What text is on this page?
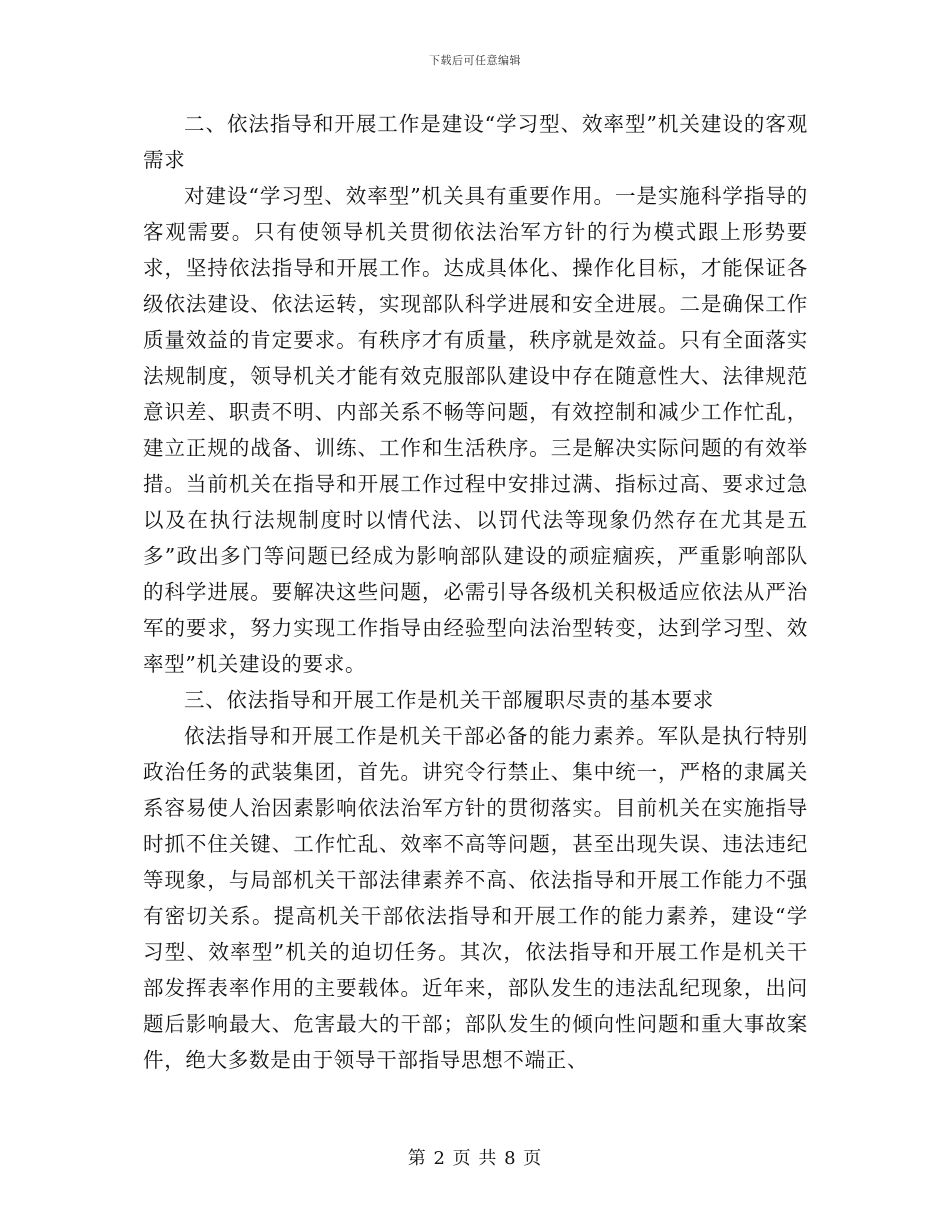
下载后可任意编辑

二、依法指导和开展工作是建设“学习型、效率型”机关建设的客观需求

对建设“学习型、效率型”机关具有重要作用。一是实施科学指导的客观需要。只有使领导机关贯彻依法治军方针的行为模式跟上形势要求，坚持依法指导和开展工作。达成具体化、操作化目标，才能保证各级依法建设、依法运转，实现部队科学进展和安全进展。二是确保工作质量效益的肯定要求。有秩序才有质量，秩序就是效益。只有全面落实法规制度，领导机关才能有效克服部队建设中存在随意性大、法律规范意识差、职责不明、内部关系不畅等问题，有效控制和减少工作忙乱，建立正规的战备、训练、工作和生活秩序。三是解决实际问题的有效举措。当前机关在指导和开展工作过程中安排过满、指标过高、要求过急以及在执行法规制度时以情代法、以罚代法等现象仍然存在尤其是五多”政出多门等问题已经成为影响部队建设的顽症痼疾，严重影响部队的科学进展。要解决这些问题，必需引导各级机关积极适应依法从严治军的要求，努力实现工作指导由经验型向法治型转变，达到学习型、效率型”机关建设的要求。

三、依法指导和开展工作是机关干部履职尽责的基本要求

依法指导和开展工作是机关干部必备的能力素养。军队是执行特别政治任务的武装集团，首先。讲究令行禁止、集中统一，严格的隶属关系容易使人治因素影响依法治军方针的贯彻落实。目前机关在实施指导时抓不住关键、工作忙乱、效率不高等问题，甚至出现失误、违法违纪等现象，与局部机关干部法律素养不高、依法指导和开展工作能力不强有密切关系。提高机关干部依法指导和开展工作的能力素养，建设“学习型、效率型”机关的迫切任务。其次，依法指导和开展工作是机关干部发挥表率作用的主要载体。近年来，部队发生的违法乱纪现象，出问题后影响最大、危害最大的干部；部队发生的倾向性问题和重大事故案件，绝大多数是由于领导干部指导思想不端正、

第 2 页 共 8 页
